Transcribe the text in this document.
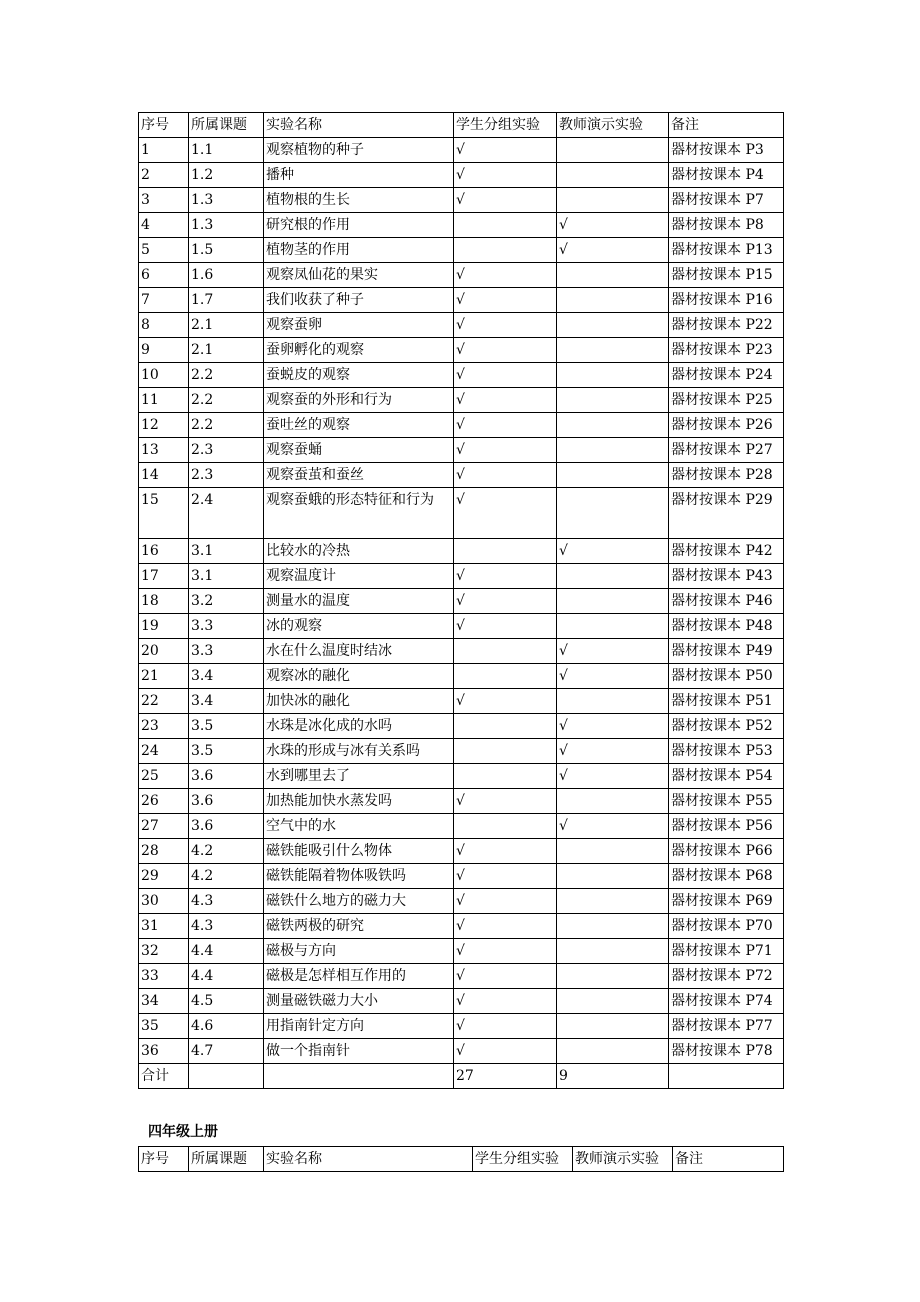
序号	所属课题	实验名称	学生分组实验	教师演示实验	备注
1	1.1	观察植物的种子	√		器材按课本 P3
2	1.2	播种	√		器材按课本 P4
3	1.3	植物根的生长	√		器材按课本 P7
4	1.3	研究根的作用		√	器材按课本 P8
5	1.5	植物茎的作用		√	器材按课本 P13
6	1.6	观察凤仙花的果实	√		器材按课本 P15
7	1.7	我们收获了种子	√		器材按课本 P16
8	2.1	观察蚕卵	√		器材按课本 P22
9	2.1	蚕卵孵化的观察	√		器材按课本 P23
10	2.2	蚕蜕皮的观察	√		器材按课本 P24
11	2.2	观察蚕的外形和行为	√		器材按课本 P25
12	2.2	蚕吐丝的观察	√		器材按课本 P26
13	2.3	观察蚕蛹	√		器材按课本 P27
14	2.3	观察蚕茧和蚕丝	√		器材按课本 P28
15	2.4	观察蚕蛾的形态特征和行为	√		器材按课本 P29
16	3.1	比较水的冷热		√	器材按课本 P42
17	3.1	观察温度计	√		器材按课本 P43
18	3.2	测量水的温度	√		器材按课本 P46
19	3.3	冰的观察	√		器材按课本 P48
20	3.3	水在什么温度时结冰		√	器材按课本 P49
21	3.4	观察冰的融化		√	器材按课本 P50
22	3.4	加快冰的融化	√		器材按课本 P51
23	3.5	水珠是冰化成的水吗		√	器材按课本 P52
24	3.5	水珠的形成与冰有关系吗		√	器材按课本 P53
25	3.6	水到哪里去了		√	器材按课本 P54
26	3.6	加热能加快水蒸发吗	√		器材按课本 P55
27	3.6	空气中的水		√	器材按课本 P56
28	4.2	磁铁能吸引什么物体	√		器材按课本 P66
29	4.2	磁铁能隔着物体吸铁吗	√		器材按课本 P68
30	4.3	磁铁什么地方的磁力大	√		器材按课本 P69
31	4.3	磁铁两极的研究	√		器材按课本 P70
32	4.4	磁极与方向	√		器材按课本 P71
33	4.4	磁极是怎样相互作用的	√		器材按课本 P72
34	4.5	测量磁铁磁力大小	√		器材按课本 P74
35	4.6	用指南针定方向	√		器材按课本 P77
36	4.7	做一个指南针	√		器材按课本 P78
合计			27	9	
四年级上册
序号	所属课题	实验名称	学生分组实验	教师演示实验	备注
